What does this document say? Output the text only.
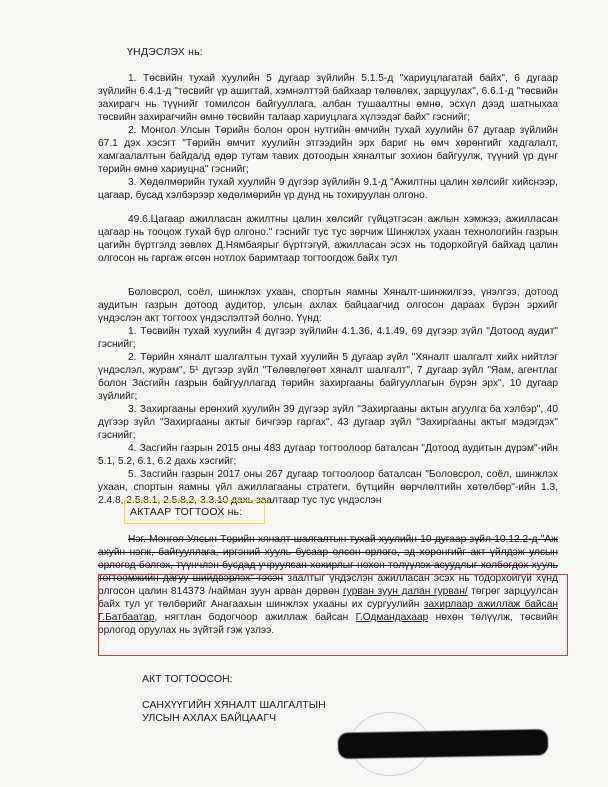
ҮНДЭСЛЭХ нь:

1. Төсвийн тухай хуулийн 5 дугаар зүйлийн 5.1.5-д "хариуцлагатай байх", 6 дугаар зүйлийн 6.4.1-д "төсвийг үр ашигтай, хэмнэлттэй байхаар төлөвлөх, зарцуулах", 6.6.1-д "төсвийн захирагч нь түүнийг томилсон байгууллага, албан тушаалтны өмнө, эсхүл дээд шатныхаа төсвийн захирагчийн өмнө төсвийн талаар хариуцлага хүлээдэг байх" гэснийг;

2. Монгол Улсын Төрийн болон орон нутгийн өмчийн тухай хуулийн 67 дугаар зүйлийн 67.1 дэх хэсэгт "Төрийн өмчит хуулийн этгээдийн эрх бариг нь өмч хөрөнгийг хадгалалт, хамгаалалтын байдалд өдөр тутам тавих дотоодын хяналтыг зохион байгуулж, түүний үр дүнг төрийн өмнө хариуцна" гэснийг;

3. Хөдөлмөрийн тухай хуулийн 9 дүгээр зүйлийн 9.1-д "Ажилтны цалин хөлсийг хийснээр, цагаар, бусад хэлбэрээр хөдөлмөрийн үр дүнд нь тохируулан олгоно.

49.6.Цагаар ажилласан ажилтны цалин хөлсийг гүйцэтгэсэн ажлын хэмжээ, ажилласан цагаар нь тооцож тухай бүр олгоно." гэснийг тус тус зөрчиж Шинжлэх ухаан технологийн газрын цагийн бүртгэлд зөвлөх Д.Нямбаярыг бүртгэгүй, ажилласан эсэх нь тодорхойгүй байхад цалин олгосон нь гаргаж өгсөн нотлох баримтаар тогтоогдож байх тул

Боловсрол, соёл, шинжлэх ухаан, спортын яамны Хяналт-шинжилгээ, үнэлгээ, дотоод аудитын газрын дотоод аудитор, улсын ахлах байцаагчид олгосон дараах бүрэн эрхийг үндэслэн акт тогтоох үндэслэлтэй болно. Үүнд:

1. Төсвийн тухай хуулийн 4 дүгээр зүйлийн 4.1.36, 4.1.49, 69 дүгээр зүйл "Дотоод аудит" гэснийг;

2. Төрийн хяналт шалгалтын тухай хуулийн 5 дугаар зүйл "Хяналт шалгалт хийх нийтлэг үндэслэл, журам", 5¹ дүгээр зүйл "Төлөвлөгөөт хяналт шалгалт", 7 дугаар зүйл "Яам, агентлаг болон Засгийн газрын байгууллагад төрийн захиргааны байгууллагын бүрэн эрх", 10 дугаар зүйлийг;

3. Захиргааны ерөнхий хуулийн 39 дүгээр зүйл "Захиргааны актын агуулга ба хэлбэр", 40 дүгээр зүйл "Захиргааны актыг бичгээр гаргах", 43 дугаар зүйл "Захиргааны актыг мэдэгдэх" гэснийг;

4. Засгийн газрын 2015 оны 483 дугаар тогтоолоор баталсан "Дотоод аудитын дүрэм"-ийн 5.1, 5.2, 6.1, 6.2 дахь хэсгийг;

5. Засгийн газрын 2017 оны 267 дугаар тогтоолоор баталсан "Боловсрол, соёл, шинжлэх ухаан, спортын яамны үйл ажиллагааны стратеги, бүтцийн өөрчлөлтийн хөтөлбөр"-ийн 1.3, 2.4.8, 2.5.8.1, 2.5.8.2, 3.3.10 дахь заалтаар тус тус үндэслэн

АКТААР ТОГТООХ нь:

Нэг. Монгол Улсын Төрийн хяналт шалгалтын тухай хуулийн 10 дугаар зүйл 10.12.2-д "Аж ахуйн нэгж, байгууллага, иргэний хууль бусаар олсон орлого, эд хөрөнгийг акт үйлдэж улсын орлогод болгох, түүнчлэн бусдад учруулсан хохирлыг нөхөн төлүүлэх асуудлыг холбогдох хууль тогтоомжийн дагуу шийдвэрлэх" гэсэн заалтыг үндэслэн ажилласан эсэх нь тодорхойгүй хүнд олгосон цалин 814373 /найман зуун арван дөрвөн гурван зуун далан гурван/ төгрөг зарцуулсан байх тул уг төлбөрийг Анагаахын шинжлэх ухааны их сургуулийн захирлаар ажиллаж байсан Г.Батбаатар, нягтлан бодогчоор ажиллаж байсан Г.Одмандахаар нөхөн төлүүлж, төсвийн орлогод оруулах нь зүйтэй гэж үзлээ.

АКТ ТОГТООСОН:

САНХҮҮГИЙН ХЯНАЛТ ШАЛГАЛТЫН

УЛСЫН АХЛАХ БАЙЦААГЧ
